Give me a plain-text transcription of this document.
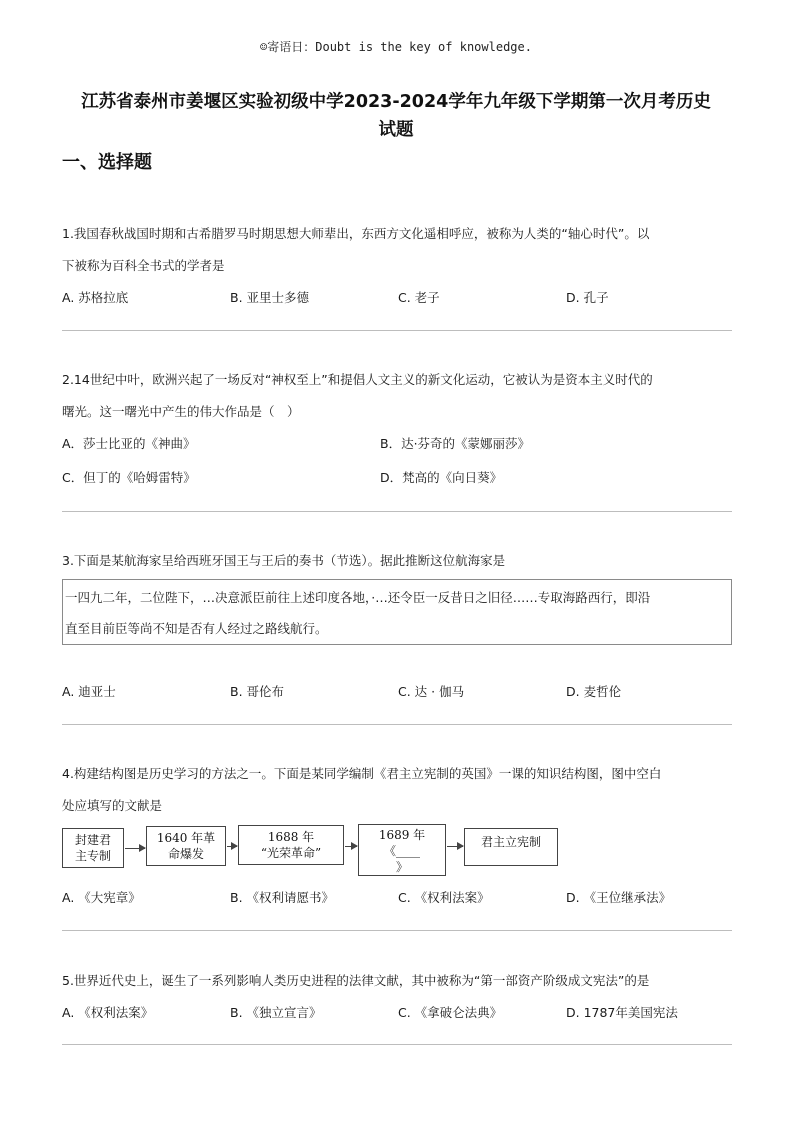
☺寄语日：Doubt is the key of knowledge.
江苏省泰州市姜堰区实验初级中学2023-2024学年九年级下学期第一次月考历史
试题
一、选择题
1.我国春秋战国时期和古希腊罗马时期思想大师辈出，东西方文化遥相呼应，被称为人类的“轴心时代”。以
下被称为百科全书式的学者是
A. 苏格拉底	B. 亚里士多德	C. 老子	D. 孔子
2.14世纪中叶，欧洲兴起了一场反对“神权至上”和提倡人文主义的新文化运动，它被认为是资本主义时代的
曙光。这一曙光中产生的伟大作品是（　）
A．莎士比亚的《神曲》	B．达·芬奇的《蒙娜丽莎》
C．但丁的《哈姆雷特》	D．梵高的《向日葵》
3.下面是某航海家呈给西班牙国王与王后的奏书（节选）。据此推断这位航海家是
一四九二年，二位陛下，…决意派臣前往上述印度各地，·…还令臣一反昔日之旧径……专取海路西行，即沿
直至目前臣等尚不知是否有人经过之路线航行。
A. 迪亚士	B. 哥伦布	C. 达 · 伽马	D. 麦哲伦
4.构建结构图是历史学习的方法之一。下面是某同学编制《君主立宪制的英国》一课的知识结构图，图中空白
处应填写的文献是
封建君
主专制
1640 年革
命爆发
1688 年
“光荣革命”
1689 年
《____
》
君主立宪制
A. 《大宪章》	B. 《权利请愿书》	C. 《权利法案》	D. 《王位继承法》
5.世界近代史上，诞生了一系列影响人类历史进程的法律文献，其中被称为“第一部资产阶级成文宪法”的是
A. 《权利法案》	B. 《独立宣言》	C. 《拿破仑法典》	D. 1787年美国宪法
